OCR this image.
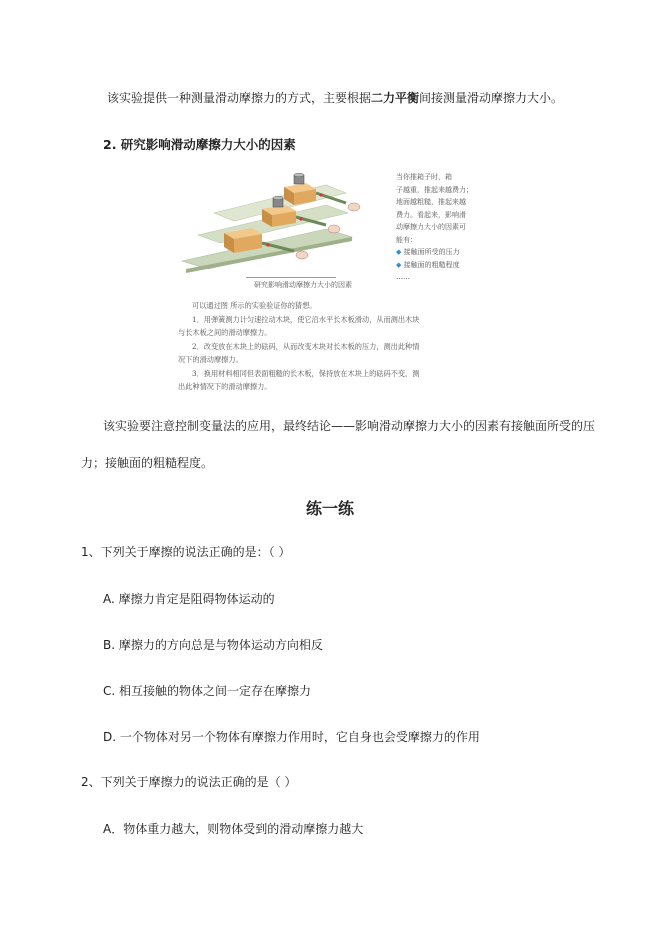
该实验提供一种测量滑动摩擦力的方式，主要根据二力平衡间接测量滑动摩擦力大小。
2. 研究影响滑动摩擦力大小的因素
研究影响滑动摩擦力大小的因素
当你推箱子时，箱
子越重，推起来越费力；
地面越粗糙，推起来越
费力。看起来，影响滑
动摩擦力大小的因素可
能有：
◆ 接触面所受的压力
◆ 接触面的粗糙程度
……
可以通过图 所示的实验验证你的猜想。
1．用弹簧测力计匀速拉动木块，使它沿水平长木板滑动，从而测出木块
与长木板之间的滑动摩擦力。
2．改变放在木块上的砝码，从而改变木块对长木板的压力，测出此种情
况下的滑动摩擦力。
3．换用材料相同但表面粗糙的长木板，保持放在木块上的砝码不变，测
出此种情况下的滑动摩擦力。
该实验要注意控制变量法的应用，最终结论——影响滑动摩擦力大小的因素有接触面所受的压
力；接触面的粗糙程度。
练一练
1、下列关于摩擦的说法正确的是：（ ）
A. 摩擦力肯定是阻碍物体运动的
B. 摩擦力的方向总是与物体运动方向相反
C. 相互接触的物体之间一定存在摩擦力
D. 一个物体对另一个物体有摩擦力作用时，它自身也会受摩擦力的作用
2、下列关于摩擦力的说法正确的是（ ）
A．物体重力越大，则物体受到的滑动摩擦力越大
